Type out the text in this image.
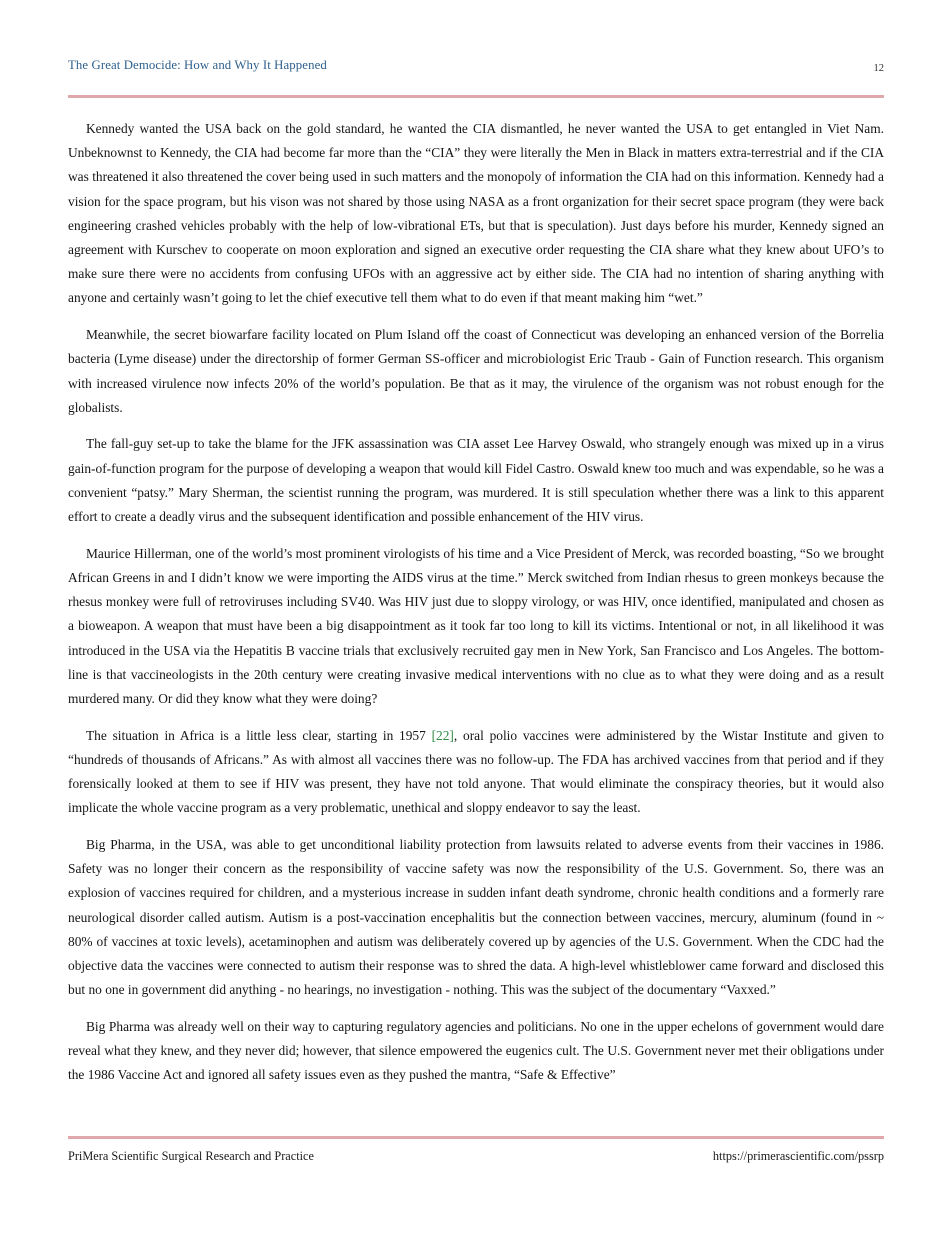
The Great Democide: How and Why It Happened	12

Kennedy wanted the USA back on the gold standard, he wanted the CIA dismantled, he never wanted the USA to get entangled in Viet Nam. Unbeknownst to Kennedy, the CIA had become far more than the “CIA” they were literally the Men in Black in matters extra-terrestrial and if the CIA was threatened it also threatened the cover being used in such matters and the monopoly of information the CIA had on this information. Kennedy had a vision for the space program, but his vison was not shared by those using NASA as a front organization for their secret space program (they were back engineering crashed vehicles probably with the help of low-vibrational ETs, but that is speculation). Just days before his murder, Kennedy signed an agreement with Kurschev to cooperate on moon exploration and signed an executive order requesting the CIA share what they knew about UFO’s to make sure there were no accidents from confusing UFOs with an aggressive act by either side. The CIA had no intention of sharing anything with anyone and certainly wasn’t going to let the chief executive tell them what to do even if that meant making him “wet.”

Meanwhile, the secret biowarfare facility located on Plum Island off the coast of Connecticut was developing an enhanced version of the Borrelia bacteria (Lyme disease) under the directorship of former German SS-officer and microbiologist Eric Traub - Gain of Function research. This organism with increased virulence now infects 20% of the world’s population. Be that as it may, the virulence of the organism was not robust enough for the globalists.

The fall-guy set-up to take the blame for the JFK assassination was CIA asset Lee Harvey Oswald, who strangely enough was mixed up in a virus gain-of-function program for the purpose of developing a weapon that would kill Fidel Castro. Oswald knew too much and was expendable, so he was a convenient “patsy.” Mary Sherman, the scientist running the program, was murdered. It is still speculation whether there was a link to this apparent effort to create a deadly virus and the subsequent identification and possible enhancement of the HIV virus.

Maurice Hillerman, one of the world’s most prominent virologists of his time and a Vice President of Merck, was recorded boasting, “So we brought African Greens in and I didn’t know we were importing the AIDS virus at the time.” Merck switched from Indian rhesus to green monkeys because the rhesus monkey were full of retroviruses including SV40. Was HIV just due to sloppy virology, or was HIV, once identified, manipulated and chosen as a bioweapon. A weapon that must have been a big disappointment as it took far too long to kill its victims. Intentional or not, in all likelihood it was introduced in the USA via the Hepatitis B vaccine trials that exclusively recruited gay men in New York, San Francisco and Los Angeles. The bottom-line is that vaccineologists in the 20th century were creating invasive medical interventions with no clue as to what they were doing and as a result murdered many. Or did they know what they were doing?

The situation in Africa is a little less clear, starting in 1957 [22], oral polio vaccines were administered by the Wistar Institute and given to “hundreds of thousands of Africans.” As with almost all vaccines there was no follow-up. The FDA has archived vaccines from that period and if they forensically looked at them to see if HIV was present, they have not told anyone. That would eliminate the conspiracy theories, but it would also implicate the whole vaccine program as a very problematic, unethical and sloppy endeavor to say the least.

Big Pharma, in the USA, was able to get unconditional liability protection from lawsuits related to adverse events from their vaccines in 1986. Safety was no longer their concern as the responsibility of vaccine safety was now the responsibility of the U.S. Government. So, there was an explosion of vaccines required for children, and a mysterious increase in sudden infant death syndrome, chronic health conditions and a formerly rare neurological disorder called autism. Autism is a post-vaccination encephalitis but the connection between vaccines, mercury, aluminum (found in ~ 80% of vaccines at toxic levels), acetaminophen and autism was deliberately covered up by agencies of the U.S. Government. When the CDC had the objective data the vaccines were connected to autism their response was to shred the data. A high-level whistleblower came forward and disclosed this but no one in government did anything - no hearings, no investigation - nothing. This was the subject of the documentary “Vaxxed.”

Big Pharma was already well on their way to capturing regulatory agencies and politicians. No one in the upper echelons of government would dare reveal what they knew, and they never did; however, that silence empowered the eugenics cult. The U.S. Government never met their obligations under the 1986 Vaccine Act and ignored all safety issues even as they pushed the mantra, “Safe & Effective”

PriMera Scientific Surgical Research and Practice	https://primerascientific.com/pssrp
